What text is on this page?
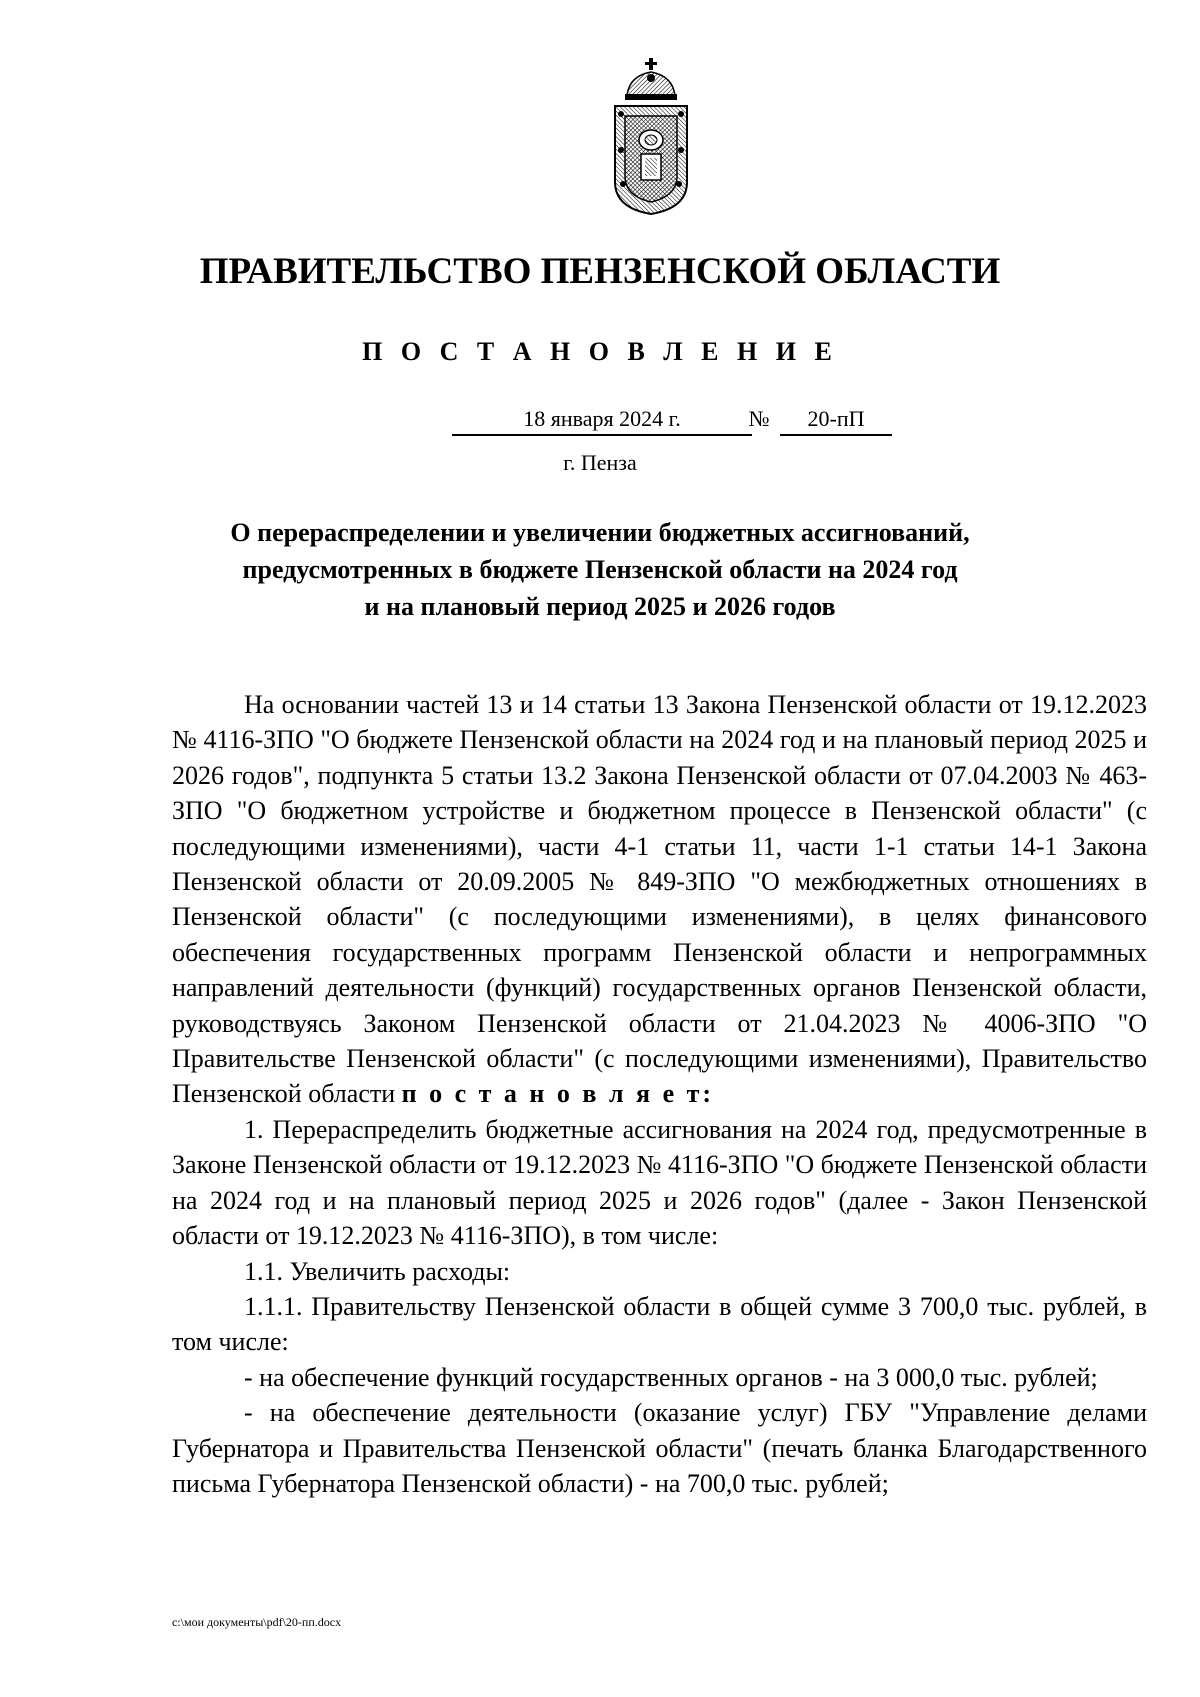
ПРАВИТЕЛЬСТВО ПЕНЗЕНСКОЙ ОБЛАСТИ
П О С Т А Н О В Л Е Н И Е
18 января 2024 г.	№	20-пП
г. Пенза
О перераспределении и увеличении бюджетных ассигнований,
предусмотренных в бюджете Пензенской области на 2024 год
и на плановый период 2025 и 2026 годов

На основании частей 13 и 14 статьи 13 Закона Пензенской области от 19.12.2023 № 4116-ЗПО "О бюджете Пензенской области на 2024 год и на плановый период 2025 и 2026 годов", подпункта 5 статьи 13.2 Закона Пензенской области от 07.04.2003 № 463-ЗПО "О бюджетном устройстве и бюджетном процессе в Пензенской области" (с последующими изменениями), части 4-1 статьи 11, части 1-1 статьи 14-1 Закона Пензенской области от 20.09.2005 № 849-ЗПО "О межбюджетных отношениях в Пензенской области" (с последующими изменениями), в целях финансового обеспечения государственных программ Пензенской области и непрограммных направлений деятельности (функций) государственных органов Пензенской области, руководствуясь Законом Пензенской области от 21.04.2023 № 4006-ЗПО "О Правительстве Пензенской области" (с последующими изменениями), Правительство Пензенской области п о с т а н о в л я е т:

1. Перераспределить бюджетные ассигнования на 2024 год, предусмотренные в Законе Пензенской области от 19.12.2023 № 4116-ЗПО "О бюджете Пензенской области на 2024 год и на плановый период 2025 и 2026 годов" (далее - Закон Пензенской области от 19.12.2023 № 4116-ЗПО), в том числе:

1.1. Увеличить расходы:

1.1.1. Правительству Пензенской области в общей сумме 3 700,0 тыс. рублей, в том числе:

- на обеспечение функций государственных органов - на 3 000,0 тыс. рублей;

- на обеспечение деятельности (оказание услуг) ГБУ "Управление делами Губернатора и Правительства Пензенской области" (печать бланка Благодарственного письма Губернатора Пензенской области) - на 700,0 тыс. рублей;

c:\мои документы\pdf\20-пп.docx
